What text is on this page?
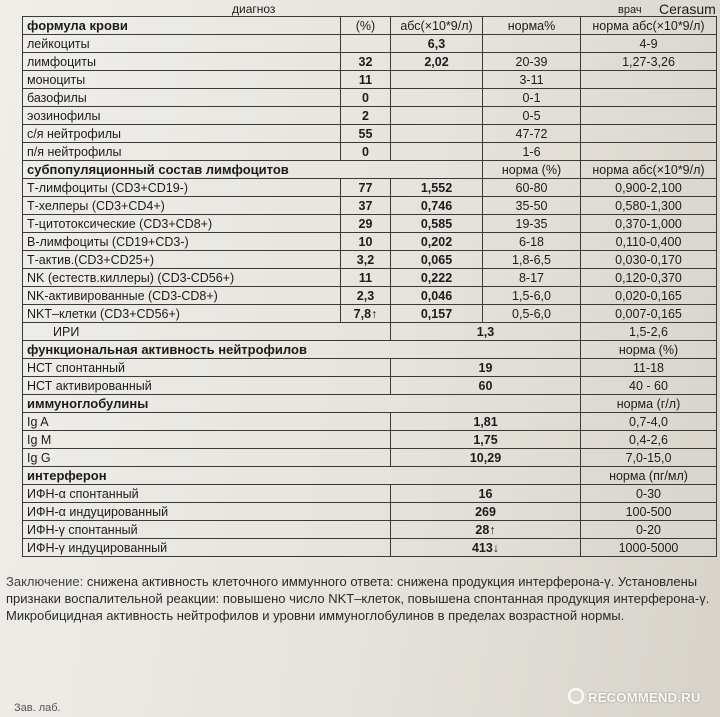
диагноз	врач Cerasum
формула крови	(%)	абс(×10*9/л)	норма%	норма абс(×10*9/л)
лейкоциты		6,3		4-9
лимфоциты	32	2,02	20-39	1,27-3,26
моноциты	11		3-11	
базофилы	0		0-1	
эозинофилы	2		0-5	
с/я нейтрофилы	55		47-72	
п/я нейтрофилы	0		1-6	
субпопуляционный состав лимфоцитов			норма (%)	норма абс(×10*9/л)
Т-лимфоциты (CD3+CD19-)	77	1,552	60-80	0,900-2,100
Т-хелперы (CD3+CD4+)	37	0,746	35-50	0,580-1,300
Т-цитотоксические (CD3+CD8+)	29	0,585	19-35	0,370-1,000
В-лимфоциты (CD19+CD3-)	10	0,202	6-18	0,110-0,400
Т-актив.(CD3+CD25+)	3,2	0,065	1,8-6,5	0,030-0,170
NK (естеств.киллеры) (CD3-CD56+)	11	0,222	8-17	0,120-0,370
NK-активированные (CD3-CD8+)	2,3	0,046	1,5-6,0	0,020-0,165
NKT–клетки (CD3+CD56+)	7,8↑	0,157	0,5-6,0	0,007-0,165
ИРИ		1,3		1,5-2,6
функциональная активность нейтрофилов				норма (%)
НСТ спонтанный		19		11-18
НСТ активированный		60		40 - 60
иммуноглобулины				норма (г/л)
Ig A		1,81		0,7-4,0
Ig M		1,75		0,4-2,6
Ig G		10,29		7,0-15,0
интерферон				норма (пг/мл)
ИФН-α спонтанный		16		0-30
ИФН-α индуцированный		269		100-500
ИФН-γ спонтанный		28↑		0-20
ИФН-γ индуцированный		413↓		1000-5000
Заключение: снижена активность клеточного иммунного ответа: снижена продукция интерферона-γ. Установлены признаки воспалительной реакции: повышено число NKT–клеток, повышена спонтанная продукция интерферона-γ. Микробицидная активность нейтрофилов и уровни иммуноглобулинов в пределах возрастной нормы.
Зав. лаб.
RECOMMEND.RU
